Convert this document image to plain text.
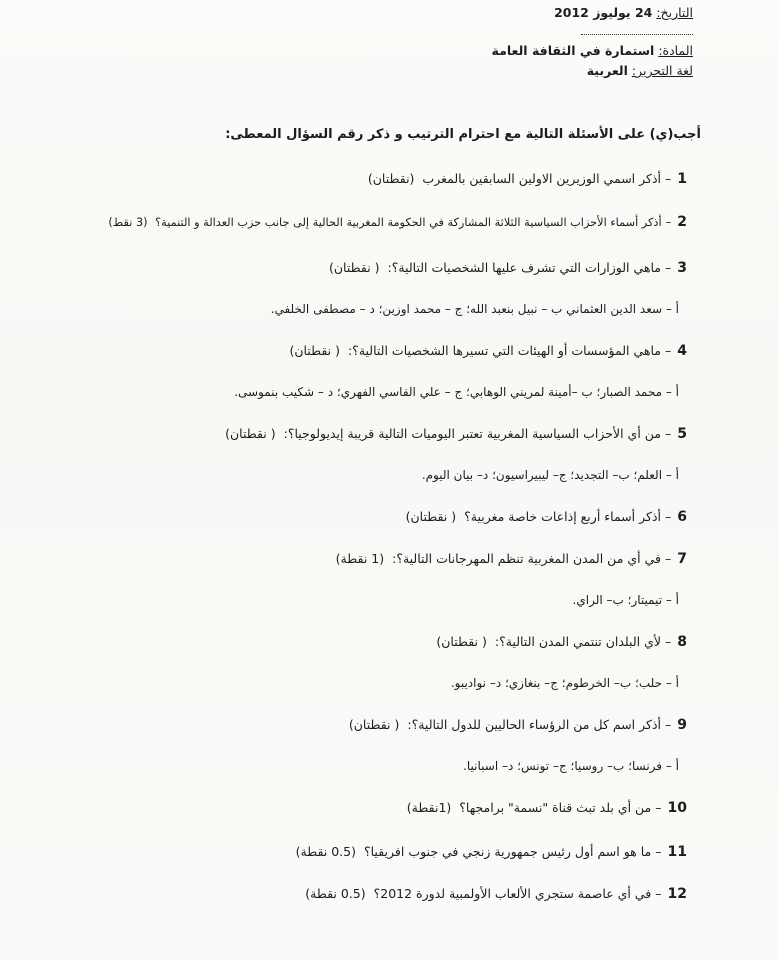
التاريخ: 24 يوليوز 2012
المادة: استمارة في الثقافة العامة
لغة التحرير: العربية
أجب(ي) على الأسئلة التالية مع احترام الترتيب و ذكر رقم السؤال المعطى:
1–أذكر اسمي الوزيرين الاولين السابقين بالمغرب (نقطتان)
2–أذكر أسماء الأحزاب السياسية الثلاثة المشاركة في الحكومة المغربية الحالية إلى جانب حزب العدالة و التنمية؟ (3 نقط)
3–ماهي الوزارات التي تشرف عليها الشخصيات التالية؟: ( نقطتان)
أ – سعد الدين العثماني ب – نبيل بنعبد الله؛ ج – محمد اوزين؛ د – مصطفى الخلفي.
4–ماهي المؤسسات أو الهيئات التي تسيرها الشخصيات التالية؟: ( نقطتان)
أ – محمد الصبار؛ ب –أمينة لمريني الوهابي؛ ج – علي الفاسي الفهري؛ د – شكيب بنموسى.
5–من أي الأحزاب السياسية المغربية تعتبر اليوميات التالية قريبة إيديولوجيا؟: ( نقطتان)
أ – العلم؛ ب– التجديد؛ ج– ليبيراسيون؛ د– بيان اليوم.
6–أذكر أسماء أربع إذاعات خاصة مغربية؟ ( نقطتان)
7–في أي من المدن المغربية تنظم المهرجانات التالية؟: (1 نقطة)
أ – تيميتار؛ ب– الراي.
8–لأي البلدان تنتمي المدن التالية؟: ( نقطتان)
أ – حلب؛ ب– الخرطوم؛ ج– بنغازي؛ د– نواديبو.
9–أذكر اسم كل من الرؤساء الحاليين للدول التالية؟: ( نقطتان)
أ – فرنسا؛ ب– روسيا؛ ج– تونس؛ د– اسبانيا.
10–من أي بلد تبث قناة "نسمة" برامجها؟ (1نقطة)
11–ما هو اسم أول رئيس جمهورية زنجي في جنوب افريقيا؟ (0.5 نقطة)
12–في أي عاصمة ستجري الألعاب الأولمبية لدورة 2012؟ (0.5 نقطة)
